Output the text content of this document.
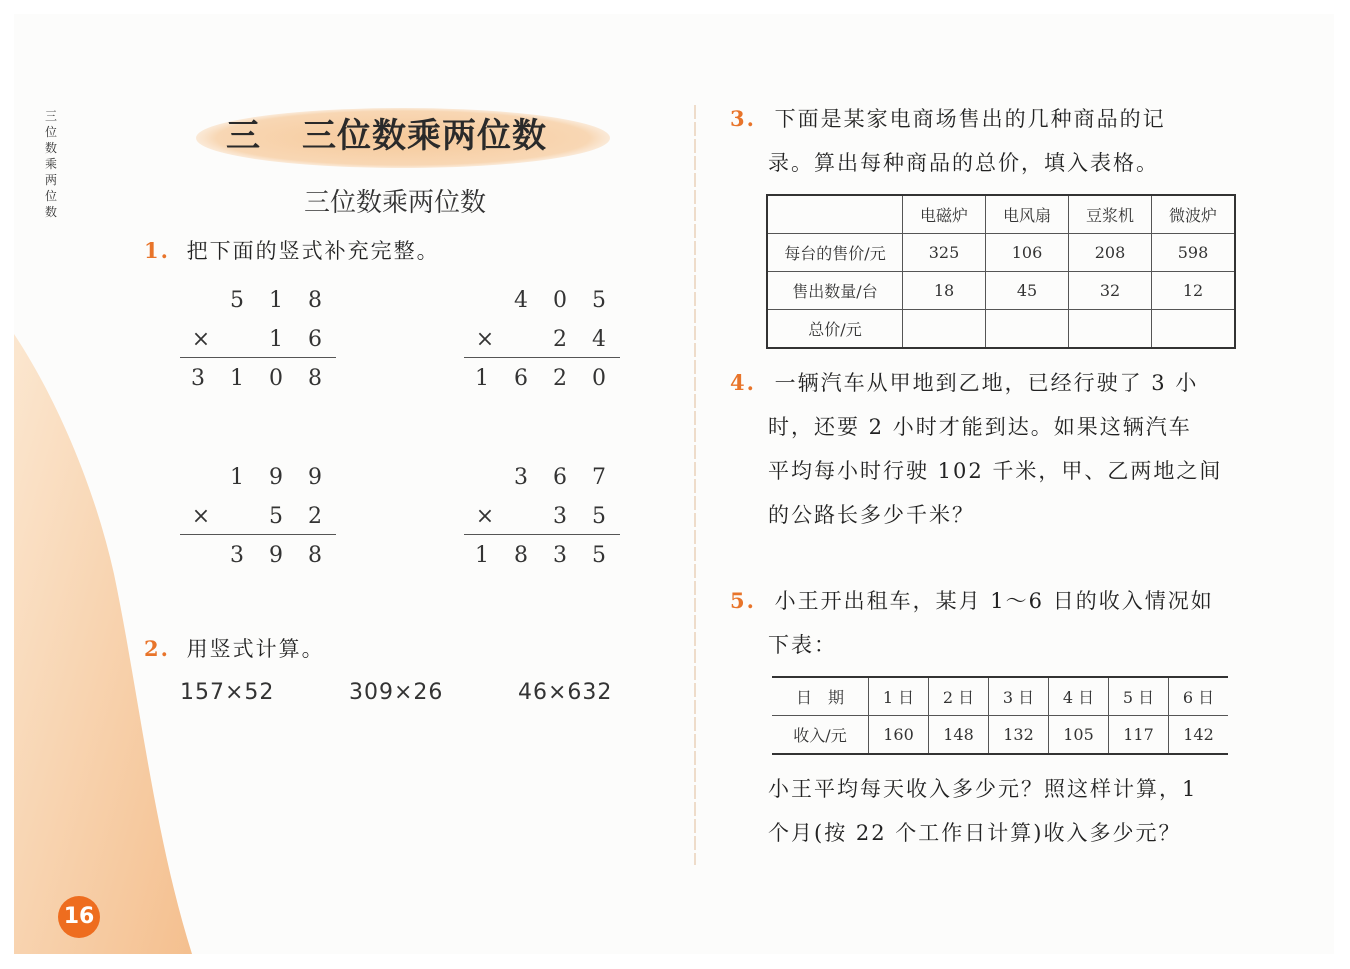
三位数乘两位数
三 三位数乘两位数
三位数乘两位数
1. 把下面的竖式补充完整。
5	1	8
×	1	6
3	1	0	8
4	0	5
×	2	4
1	6	2	0
1	9	9
×	5	2
3	9	8
3	6	7
×	3	5
1	8	3	5
2. 用竖式计算。
157×52	309×26	46×632
3. 下面是某家电商场售出的几种商品的记
录。算出每种商品的总价，填入表格。
	电磁炉	电风扇	豆浆机	微波炉
每台的售价/元	325	106	208	598
售出数量/台	18	45	32	12
总价/元				
4. 一辆汽车从甲地到乙地，已经行驶了 3 小
时，还要 2 小时才能到达。如果这辆汽车
平均每小时行驶 102 千米，甲、乙两地之间
的公路长多少千米？
5. 小王开出租车，某月 1～6 日的收入情况如
下表：
日　期	1 日	2 日	3 日	4 日	5 日	6 日
收入/元	160	148	132	105	117	142
小王平均每天收入多少元？照这样计算，1
个月(按 22 个工作日计算)收入多少元？
16
